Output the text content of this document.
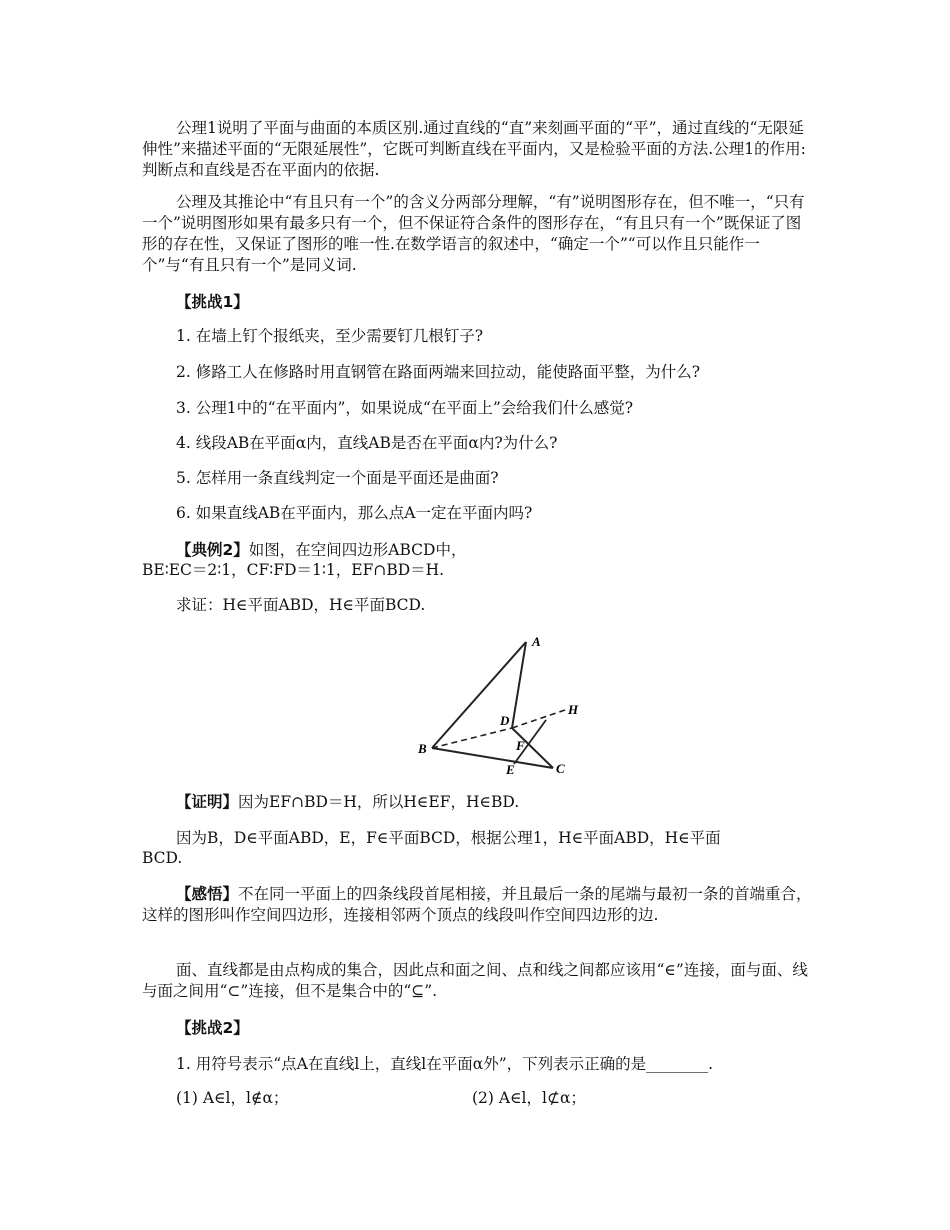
公理1说明了平面与曲面的本质区别.通过直线的“直”来刻画平面的“平”，通过直线的“无限延伸性”来描述平面的“无限延展性”，它既可判断直线在平面内，又是检验平面的方法.公理1的作用:判断点和直线是否在平面内的依据.

公理及其推论中“有且只有一个”的含义分两部分理解，“有”说明图形存在，但不唯一，“只有一个”说明图形如果有最多只有一个，但不保证符合条件的图形存在，“有且只有一个”既保证了图形的存在性，又保证了图形的唯一性.在数学语言的叙述中，“确定一个”“可以作且只能作一个”与“有且只有一个”是同义词.

【挑战1】
1. 在墙上钉个报纸夹，至少需要钉几根钉子?
2. 修路工人在修路时用直钢管在路面两端来回拉动，能使路面平整，为什么?
3. 公理1中的“在平面内”，如果说成“在平面上”会给我们什么感觉?
4. 线段AB在平面α内，直线AB是否在平面α内?为什么?
5. 怎样用一条直线判定一个面是平面还是曲面?
6. 如果直线AB在平面内，那么点A一定在平面内吗?
【典例2】如图，在空间四边形ABCD中，
BE∶EC＝2∶1，CF∶FD＝1∶1，EF∩BD＝H.
求证：H∈平面ABD，H∈平面BCD.
A
B
C
D
E
F
H
【证明】因为EF∩BD＝H，所以H∈EF，H∈BD.
因为B，D∈平面ABD，E，F∈平面BCD，根据公理1，H∈平面ABD，H∈平面
BCD.

【感悟】不在同一平面上的四条线段首尾相接，并且最后一条的尾端与最初一条的首端重合，这样的图形叫作空间四边形，连接相邻两个顶点的线段叫作空间四边形的边.

面、直线都是由点构成的集合，因此点和面之间、点和线之间都应该用“∈”连接，面与面、线与面之间用“⊂”连接，但不是集合中的“⊆”.

【挑战2】
1. 用符号表示“点A在直线l上，直线l在平面α外”，下列表示正确的是________.
(1) A∈l，l∉α；	(2) A∈l，l⊄α；
